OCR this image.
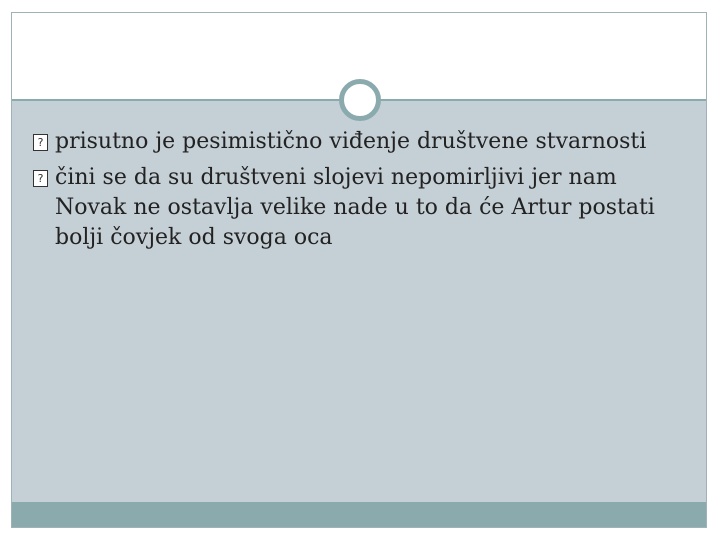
? prisutno je pesimistično viđenje društvene stvarnosti
? čini se da su društveni slojevi nepomirljivi jer nam Novak ne ostavlja velike nade u to da će Artur postati bolji čovjek od svoga oca
